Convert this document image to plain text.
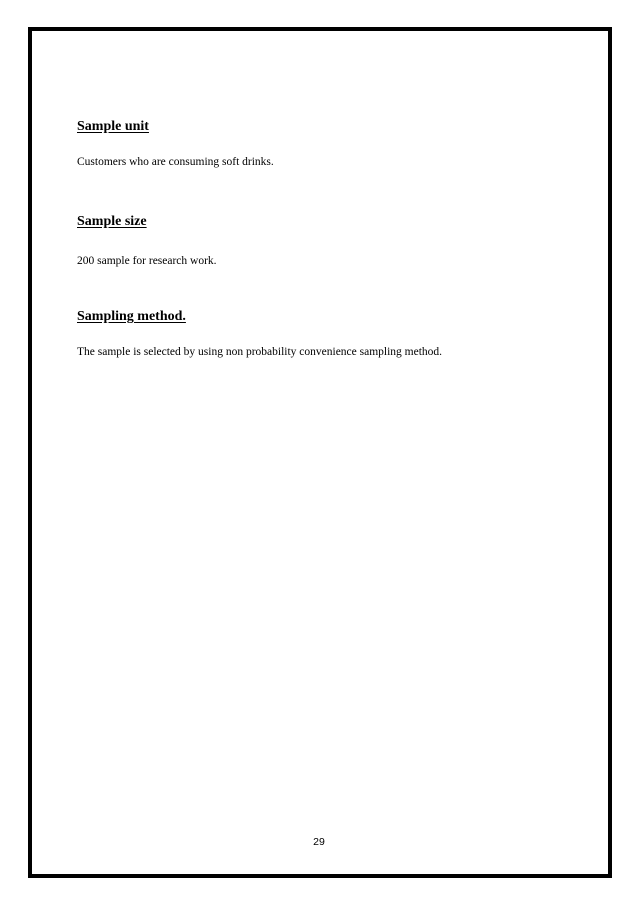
Sample unit

Customers who are consuming soft drinks.

Sample size

200 sample for research work.

Sampling method.

The sample is selected by using non probability convenience sampling method.

29
